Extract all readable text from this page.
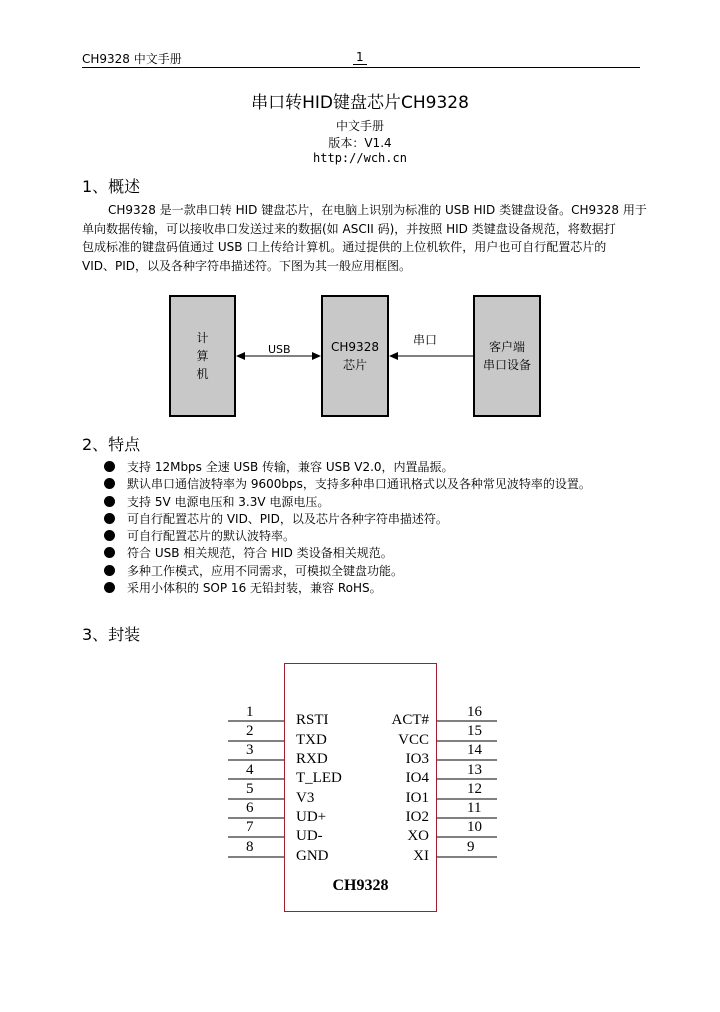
CH9328 中文手册	1
串口转HID键盘芯片CH9328
中文手册
版本：V1.4
http://wch.cn
1、概述
CH9328 是一款串口转 HID 键盘芯片，在电脑上识别为标准的 USB HID 类键盘设备。CH9328 用于
单向数据传输，可以接收串口发送过来的数据(如 ASCII 码)，并按照 HID 类键盘设备规范，将数据打
包成标准的键盘码值通过 USB 口上传给计算机。通过提供的上位机软件，用户也可自行配置芯片的
VID、PID，以及各种字符串描述符。下图为其一般应用框图。
计
算
机
CH9328
芯片
客户端
串口设备
USB
串口
2、特点
支持 12Mbps 全速 USB 传输，兼容 USB V2.0，内置晶振。
默认串口通信波特率为 9600bps，支持多种串口通讯格式以及各种常见波特率的设置。
支持 5V 电源电压和 3.3V 电源电压。
可自行配置芯片的 VID、PID，以及芯片各种字符串描述符。
可自行配置芯片的默认波特率。
符合 USB 相关规范，符合 HID 类设备相关规范。
多种工作模式，应用不同需求，可模拟全键盘功能。
采用小体积的 SOP 16 无铅封装，兼容 RoHS。
3、封装
1
2
3
4
5
6
7
8
RSTI
TXD
RXD
T_LED
V3
UD+
UD-
GND
ACT#
VCC
IO3
IO4
IO1
IO2
XO
XI
16
15
14
13
12
11
10
9
CH9328
